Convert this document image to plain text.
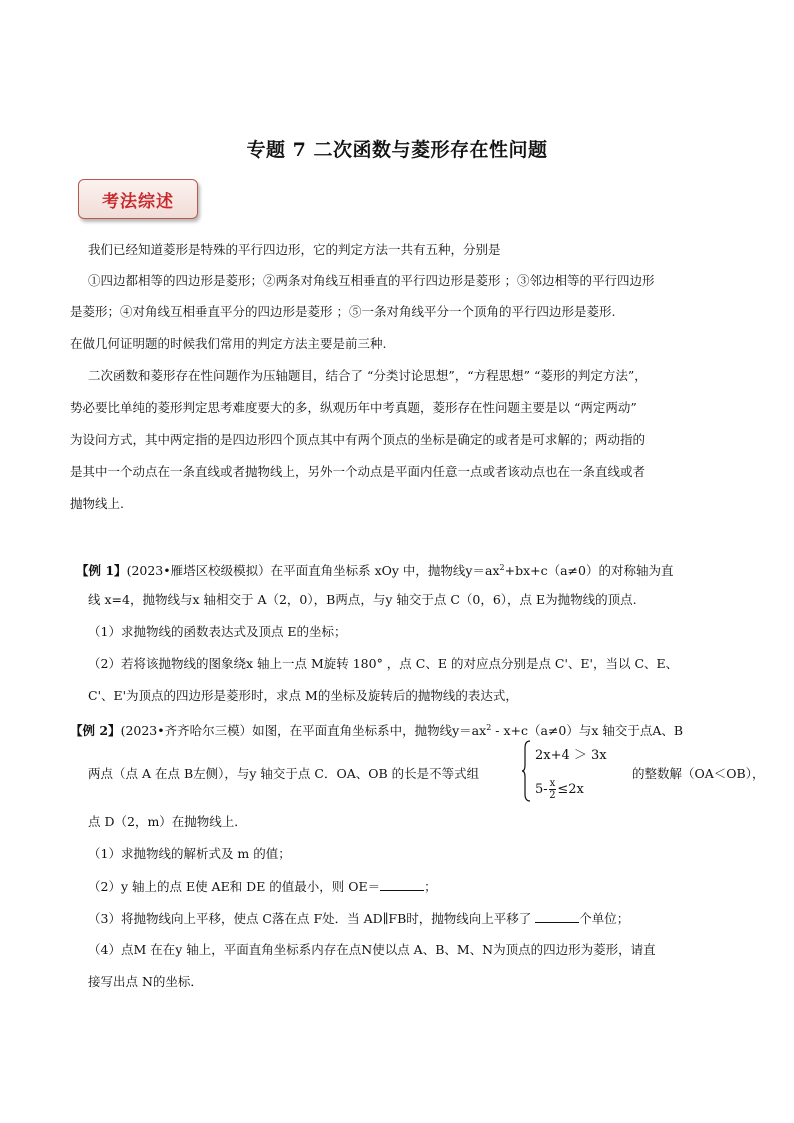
专题 7 二次函数与菱形存在性问题
考法综述
我们已经知道菱形是特殊的平行四边形，它的判定方法一共有五种，分别是
①四边都相等的四边形是菱形；②两条对角线互相垂直的平行四边形是菱形 ；③邻边相等的平行四边形
是菱形；④对角线互相垂直平分的四边形是菱形 ；⑤一条对角线平分一个顶角的平行四边形是菱形.
在做几何证明题的时候我们常用的判定方法主要是前三种.
二次函数和菱形存在性问题作为压轴题目，结合了 “分类讨论思想”，“方程思想” “菱形的判定方法”，
势必要比单纯的菱形判定思考难度要大的多，纵观历年中考真题，菱形存在性问题主要是以 “两定两动”
为设问方式，其中两定指的是四边形四个顶点其中有两个顶点的坐标是确定的或者是可求解的；两动指的
是其中一个动点在一条直线或者抛物线上，另外一个动点是平面内任意一点或者该动点也在一条直线或者
抛物线上.
【例 1】(2023•雁塔区校级模拟）在平面直角坐标系 xOy 中，抛物线$y=ax^2+bx+c(a\ne 0)$的对称轴为直
线 x=4，抛物线与x 轴相交于 A（2，0），B两点，与y 轴交于点 C（0，6），点 E为抛物线的顶点.
（1）求抛物线的函数表达式及顶点 E的坐标；
（2）若将该抛物线的图象绕x 轴上一点 M旋转 180° ，点 C、E 的对应点分别是点 C'、E'，当以 C、E、
C'、E'为顶点的四边形是菱形时，求点 M的坐标及旋转后的抛物线的表达式，
【例 2】(2023•齐齐哈尔三模）如图，在平面直角坐标系中，抛物线$y=ax^2 - x+c(a\ne 0)$与x 轴交于点A、B
两点（点 A 在点 B左侧），与y 轴交于点 C．OA、OB 的长是不等式组
2x+4 ＞ 3x
$5- \frac{x}{2} \le 2x$
的整数解（OA＜OB），
点 D（2，m）在抛物线上．
（1）求抛物线的解析式及 m 的值；
（2）y 轴上的点 E使 AE和 DE 的值最小，则 OE＝	；
（3）将抛物线向上平移，使点 C落在点 F处．当 AD∥FB时，抛物线向上平移了	个单位；
（4）点M 在在y 轴上，平面直角坐标系内存在点N使以点 A、B、M、N为顶点的四边形为菱形，请直
接写出点 N的坐标．
